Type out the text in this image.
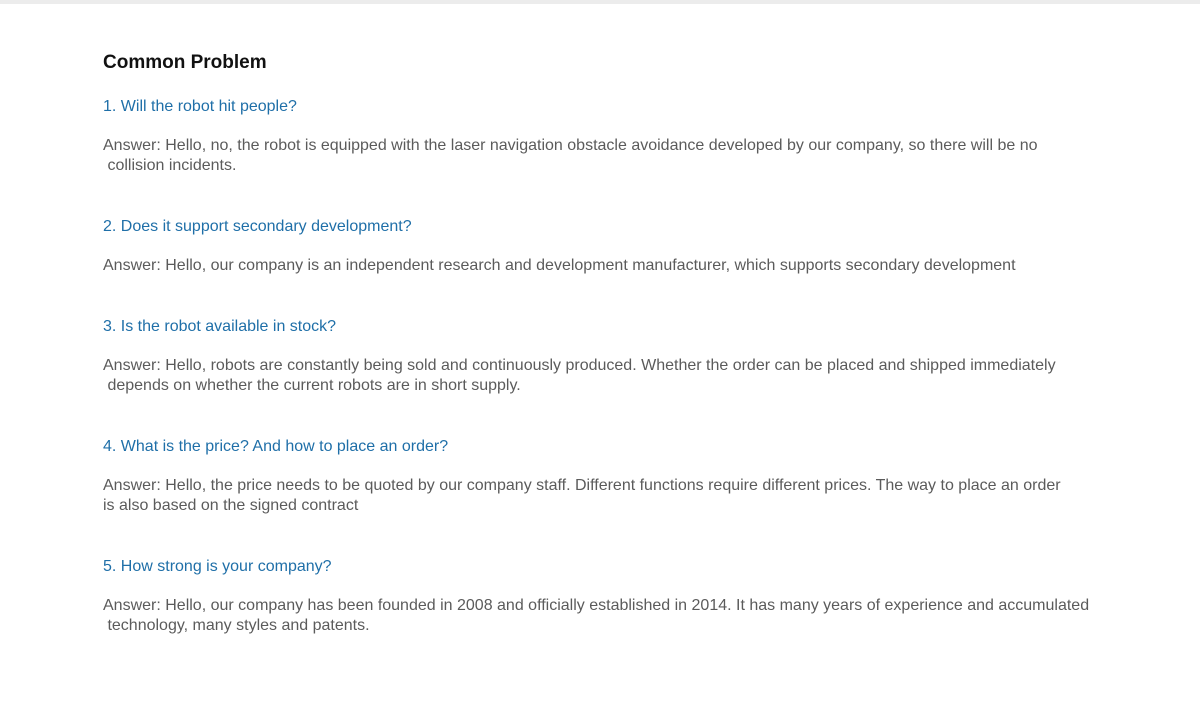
Common Problem

1. Will the robot hit people?

Answer: Hello, no, the robot is equipped with the laser navigation obstacle avoidance developed by our company, so there will be no
collision incidents.

2. Does it support secondary development?

Answer: Hello, our company is an independent research and development manufacturer, which supports secondary development

3. Is the robot available in stock?

Answer: Hello, robots are constantly being sold and continuously produced. Whether the order can be placed and shipped immediately
depends on whether the current robots are in short supply.

4. What is the price? And how to place an order?

Answer: Hello, the price needs to be quoted by our company staff. Different functions require different prices. The way to place an order
is also based on the signed contract

5. How strong is your company?

Answer: Hello, our company has been founded in 2008 and officially established in 2014. It has many years of experience and accumulated
technology, many styles and patents.
